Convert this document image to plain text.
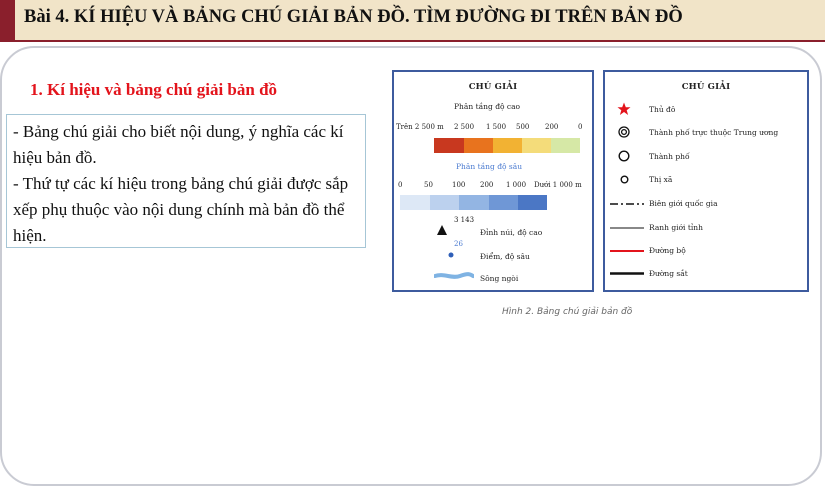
Bài 4. KÍ HIỆU VÀ BẢNG CHÚ GIẢI BẢN ĐỒ. TÌM ĐƯỜNG ĐI TRÊN BẢN ĐỒ
1. Kí hiệu và bảng chú giải bản đồ

- Bảng chú giải cho biết nội dung, ý nghĩa các kí hiệu bản đồ.

- Thứ tự các kí hiệu trong bảng chú giải được sắp xếp phụ thuộc vào nội dung chính mà bản đồ thể hiện.

CHÚ GIẢI
Phân tầng độ cao
Trên 2 500 m 2 500 1 500 500 200	0
Phân tầng độ sâu
0	50	100 200 1 000 Dưới 1 000 m
3 143
Đỉnh núi, độ cao
26
Điểm, độ sâu
Sông ngòi
CHÚ GIẢI
Thủ đô
Thành phố trực thuộc Trung ương
Thành phố
Thị xã
Biên giới quốc gia
Ranh giới tỉnh
Đường bộ
Đường sắt
Hình 2. Bảng chú giải bản đồ
